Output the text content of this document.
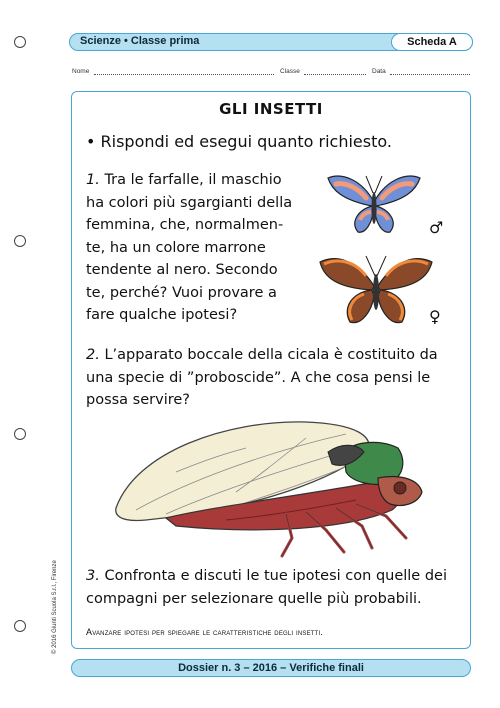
Scienze • Classe prima	Scheda A
Nome	Classe	Data
GLI INSETTI
• Rispondi ed esegui quanto richiesto.
1. Tra le farfalle, il maschio
ha colori più sgargianti della
femmina, che, normalmen-
te, ha un colore marrone
tendente al nero. Secondo
te, perché? Vuoi provare a
fare qualche ipotesi?
♂
♀
2. L’apparato boccale della cicala è costituito da
una specie di ”proboscide”. A che cosa pensi le
possa servire?
3. Confronta e discuti le tue ipotesi con quelle dei
compagni per selezionare quelle più probabili.
Avanzare ipotesi per spiegare le caratteristiche degli insetti.
© 2016 Giunti Scuola S.r.l., Firenze
Dossier n. 3 – 2016 – Verifiche finali
